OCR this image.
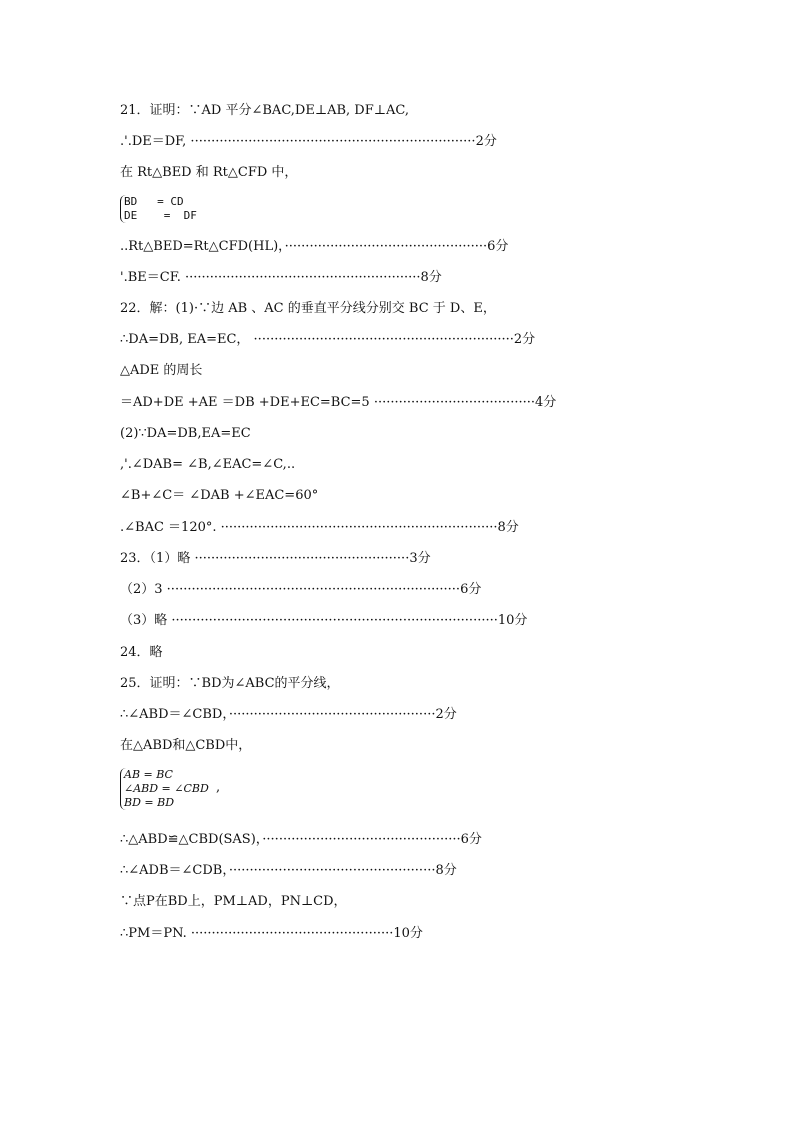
21．证明：∵AD 平分∠BAC,DE⊥AB, DF⊥AC,
.'.DE＝DF, ·····································································2分
在 Rt△BED 和 Rt△CFD 中，
BD   = CD
DE    =  DF
..Rt△BED=Rt△CFD(HL)，·················································6分
'.BE＝CF. ·························································8分
22．解：(1)·∵边 AB 、AC 的垂直平分线分别交 BC 于 D、E，
∴DA=DB, EA=EC， ·······························································2分
△ADE 的周长
＝AD+DE +AE ＝DB +DE+EC=BC=5 ·······································4分
(2)∵DA=DB,EA=EC
,'.∠DAB= ∠B,∠EAC=∠C,..
∠B+∠C＝ ∠DAB +∠EAC=60°
.∠BAC ＝120°. ···································································8分
23．（1）略 ····················································3分
（2）3 ·······································································6分
（3）略 ···············································································10分
24．略
25．证明：∵BD为∠ABC的平分线，
∴∠ABD＝∠CBD，··················································2分
在△ABD和△CBD中，
AB = BC
∠ABD = ∠CBD
BD = BD
,
∴△ABD≌△CBD(SAS)，················································6分
∴∠ADB＝∠CDB，··················································8分
∵点P在BD上，PM⊥AD，PN⊥CD，
∴PM＝PN. ·················································10分
